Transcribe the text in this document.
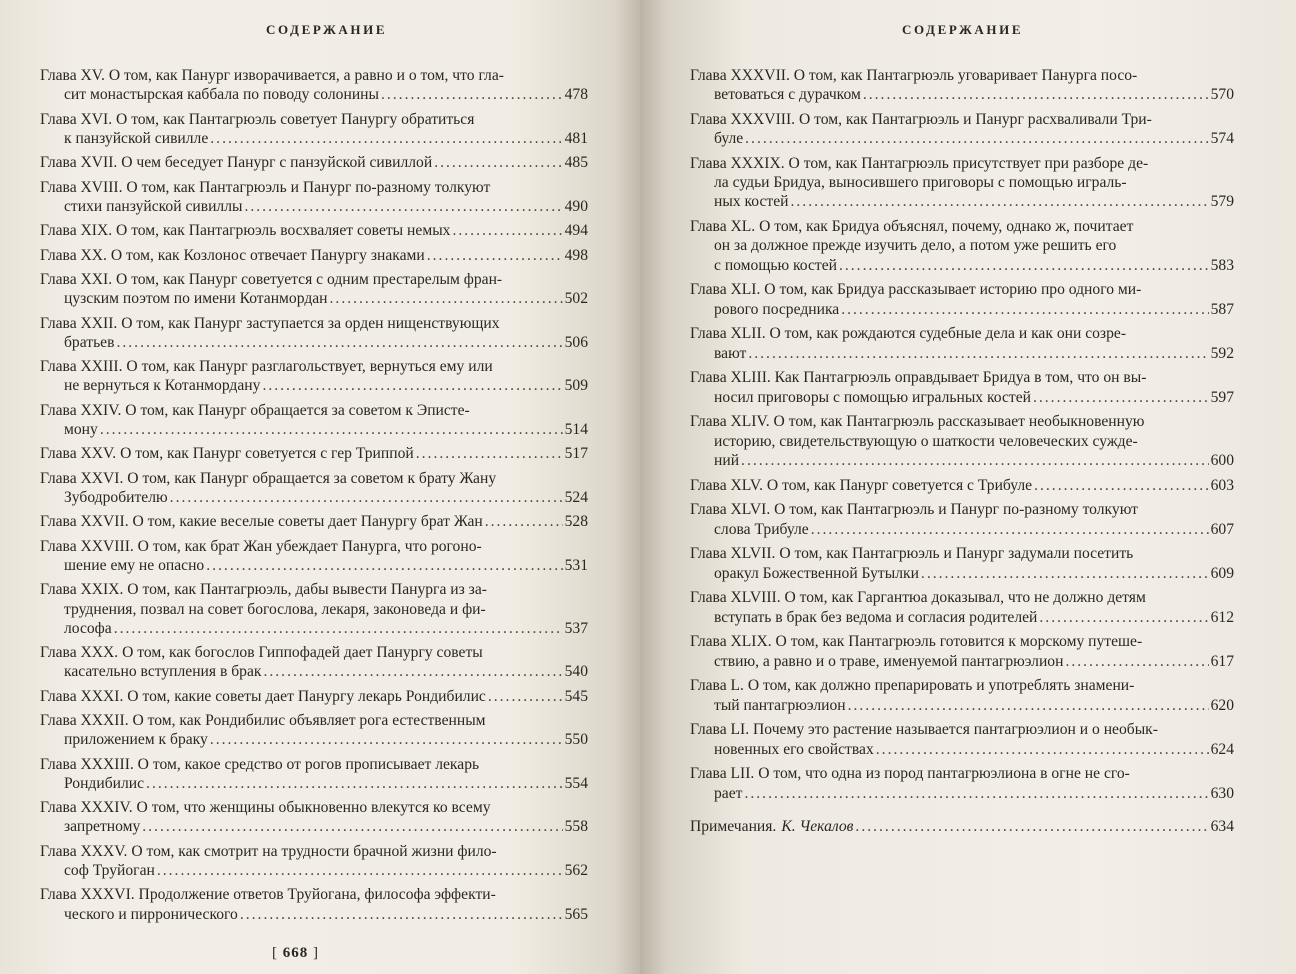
СОДЕРЖАНИЕ
Глава XV. О том, как Панург изворачивается, а равно и о том, что гла-
сит монастырская каббала по поводу солонины .....	478
Глава XVI. О том, как Пантагрюэль советует Панургу обратиться
к панзуйской сивилле .....	481
Глава XVII. О чем беседует Панург с панзуйской сивиллой .....	485
Глава XVIII. О том, как Пантагрюэль и Панург по-разному толкуют
стихи панзуйской сивиллы .....	490
Глава XIX. О том, как Пантагрюэль восхваляет советы немых .....	494
Глава XX. О том, как Козлонос отвечает Панургу знаками .....	498
Глава XXI. О том, как Панург советуется с одним престарелым фран-
цузским поэтом по имени Котанмордан .....	502
Глава XXII. О том, как Панург заступается за орден нищенствующих
братьев .....	506
Глава XXIII. О том, как Панург разглагольствует, вернуться ему или
не вернуться к Котанмордану .....	509
Глава XXIV. О том, как Панург обращается за советом к Эписте-
мону .....	514
Глава XXV. О том, как Панург советуется с гер Триппой .....	517
Глава XXVI. О том, как Панург обращается за советом к брату Жану
Зубодробителю .....	524
Глава XXVII. О том, какие веселые советы дает Панургу брат Жан .....	528
Глава XXVIII. О том, как брат Жан убеждает Панурга, что рогоно-
шение ему не опасно .....	531
Глава XXIX. О том, как Пантагрюэль, дабы вывести Панурга из за-
труднения, позвал на совет богослова, лекаря, законоведа и фи-
лософа .....	537
Глава XXX. О том, как богослов Гиппофадей дает Панургу советы
касательно вступления в брак .....	540
Глава XXXI. О том, какие советы дает Панургу лекарь Рондибилис .....	545
Глава XXXII. О том, как Рондибилис объявляет рога естественным
приложением к браку .....	550
Глава XXXIII. О том, какое средство от рогов прописывает лекарь
Рондибилис .....	554
Глава XXXIV. О том, что женщины обыкновенно влекутся ко всему
запретному .....	558
Глава XXXV. О том, как смотрит на трудности брачной жизни фило-
соф Труйоган .....	562
Глава XXXVI. Продолжение ответов Труйогана, философа эффекти-
ческого и пирронического .....	565
[ 668 ]
СОДЕРЖАНИЕ
Глава XXXVII. О том, как Пантагрюэль уговаривает Панурга посо-
ветоваться с дурачком .....	570
Глава XXXVIII. О том, как Пантагрюэль и Панург расхваливали Три-
буле .....	574
Глава XXXIX. О том, как Пантагрюэль присутствует при разборе де-
ла судьи Бридуа, выносившего приговоры с помощью играль-
ных костей .....	579
Глава XL. О том, как Бридуа объяснял, почему, однако ж, почитает
он за должное прежде изучить дело, а потом уже решить его
с помощью костей .....	583
Глава XLI. О том, как Бридуа рассказывает историю про одного ми-
рового посредника .....	587
Глава XLII. О том, как рождаются судебные дела и как они созре-
вают .....	592
Глава XLIII. Как Пантагрюэль оправдывает Бридуа в том, что он вы-
носил приговоры с помощью игральных костей .....	597
Глава XLIV. О том, как Пантагрюэль рассказывает необыкновенную
историю, свидетельствующую о шаткости человеческих сужде-
ний .....	600
Глава XLV. О том, как Панург советуется с Трибуле .....	603
Глава XLVI. О том, как Пантагрюэль и Панург по-разному толкуют
слова Трибуле .....	607
Глава XLVII. О том, как Пантагрюэль и Панург задумали посетить
оракул Божественной Бутылки .....	609
Глава XLVIII. О том, как Гаргантюа доказывал, что не должно детям
вступать в брак без ведома и согласия родителей .....	612
Глава XLIX. О том, как Пантагрюэль готовится к морскому путеше-
ствию, а равно и о траве, именуемой пантагрюэлион .....	617
Глава L. О том, как должно препарировать и употреблять знамени-
тый пантагрюэлион .....	620
Глава LI. Почему это растение называется пантагрюэлион и о необык-
новенных его свойствах .....	624
Глава LII. О том, что одна из пород пантагрюэлиона в огне не сго-
рает .....	630
Примечания. К. Чекалов .....	634
